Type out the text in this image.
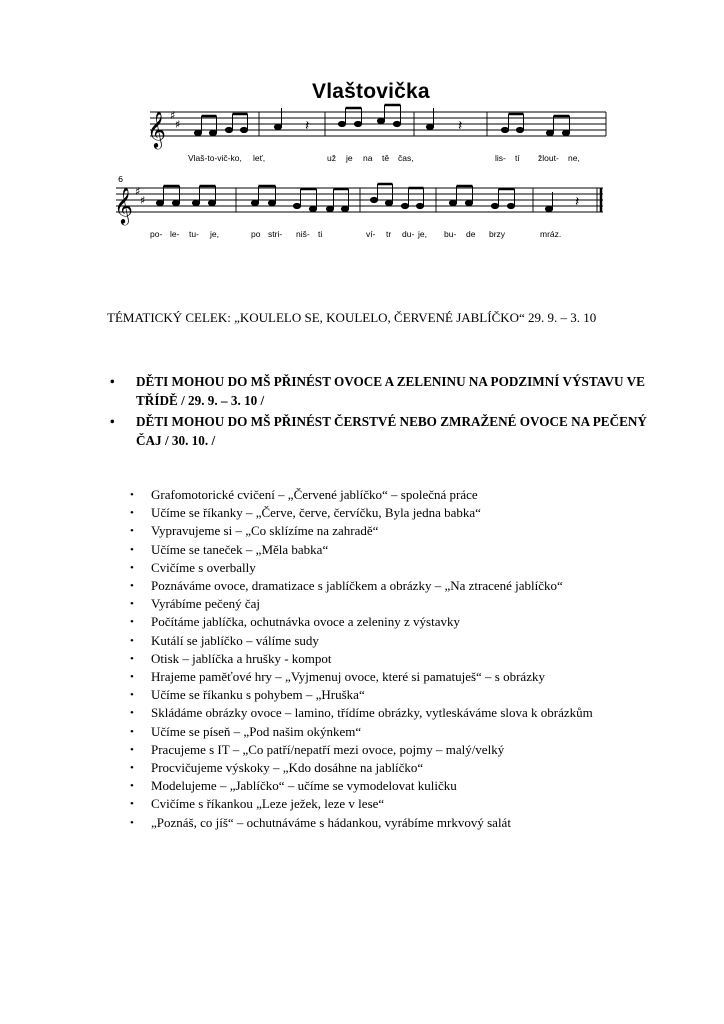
Vlaštovička
𝄞 ♯
♯	𝄽	𝄽
Vlaš-to-vič-ko, leť,	už je na tě čas,	lis- tí žlout- ne,
6
𝄞 ♯
♯	𝄽
po- le- tu- je,	po stri- niš- ti	ví- tr du- je, bu- de brzy	mráz.
TÉMATICKÝ CELEK: „KOULELO SE, KOULELO, ČERVENÉ JABLÍČKO“ 29. 9. – 3. 10
• DĚTI MOHOU DO MŠ PŘINÉST OVOCE A ZELENINU NA PODZIMNÍ VÝSTAVU VE TŘÍDĚ / 29. 9. – 3. 10 /
• DĚTI MOHOU DO MŠ PŘINÉST ČERSTVÉ NEBO ZMRAŽENÉ OVOCE NA PEČENÝ ČAJ / 30. 10. /
• Grafomotorické cvičení – „Červené jablíčko“ – společná práce
• Učíme se říkanky – „Červe, červe, červíčku, Byla jedna babka“
• Vypravujeme si – „Co sklízíme na zahradě“
• Učíme se taneček – „Měla babka“
• Cvičíme s overbally
• Poznáváme ovoce, dramatizace s jablíčkem a obrázky – „Na ztracené jablíčko“
• Vyrábíme pečený čaj
• Počítáme jablíčka, ochutnávka ovoce a zeleniny z výstavky
• Kutálí se jablíčko – válíme sudy
• Otisk – jablíčka a hrušky - kompot
• Hrajeme paměťové hry – „Vyjmenuj ovoce, které si pamatuješ“ – s obrázky
• Učíme se říkanku s pohybem – „Hruška“
• Skládáme obrázky ovoce – lamino, třídíme obrázky, vytleskáváme slova k obrázkům
• Učíme se píseň – „Pod našim okýnkem“
• Pracujeme s IT – „Co patří/nepatří mezi ovoce, pojmy – malý/velký
• Procvičujeme výskoky – „Kdo dosáhne na jablíčko“
• Modelujeme – „Jablíčko“ – učíme se vymodelovat kuličku
• Cvičíme s říkankou „Leze ježek, leze v lese“
• „Poznáš, co jíš“ – ochutnáváme s hádankou, vyrábíme mrkvový salát
